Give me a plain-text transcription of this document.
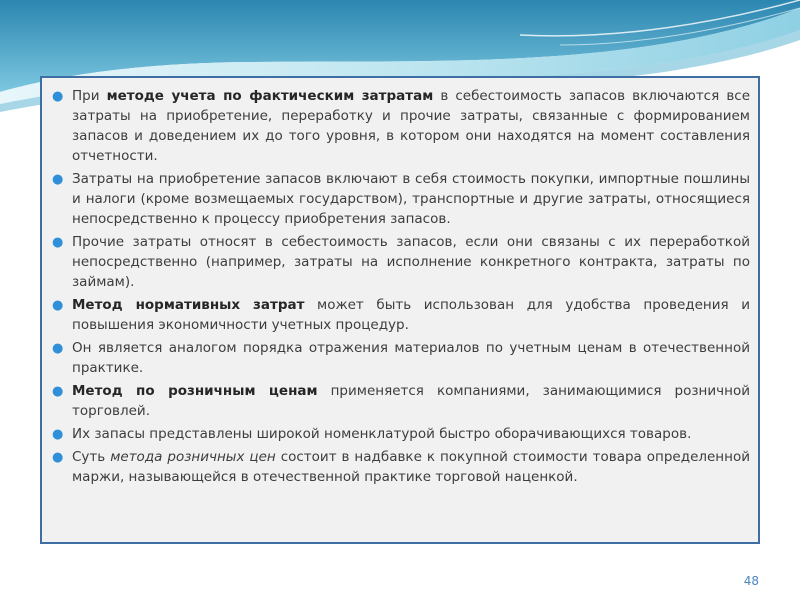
● При методе учета по фактическим затратам в себестоимость запасов включаются все затраты на приобретение, переработку и прочие затраты, связанные с формированием запасов и доведением их до того уровня, в котором они находятся на момент составления отчетности.
● Затраты на приобретение запасов включают в себя стоимость покупки, импортные пошлины и налоги (кроме возмещаемых государством), транспортные и другие затраты, относящиеся непосредственно к процессу приобретения запасов.
● Прочие затраты относят в себестоимость запасов, если они связаны с их переработкой непосредственно (например, затраты на исполнение конкретного контракта, затраты по займам).
● Метод нормативных затрат может быть использован для удобства проведения и повышения экономичности учетных процедур.
● Он является аналогом порядка отражения материалов по учетным ценам в отечественной практике.
● Метод по розничным ценам применяется компаниями, занимающимися розничной торговлей.
● Их запасы представлены широкой номенклатурой быстро оборачивающихся товаров.
● Суть метода розничных цен состоит в надбавке к покупной стоимости товара определенной маржи, называющейся в отечественной практике торговой наценкой.
48
